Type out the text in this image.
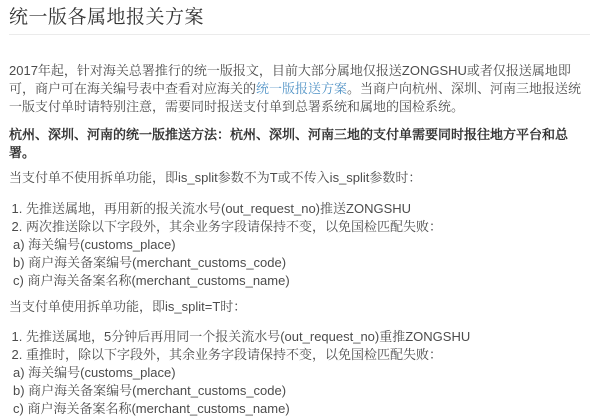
统一版各属地报关方案

2017年起，针对海关总署推行的统一版报文，目前大部分属地仅报送ZONGSHU或者仅报送属地即可，商户可在海关编号表中查看对应海关的统一版报送方案。当商户向杭州、深圳、河南三地报送统一版支付单时请特别注意，需要同时报送支付单到总署系统和属地的国检系统。

杭州、深圳、河南的统一版推送方法：杭州、深圳、河南三地的支付单需要同时报往地方平台和总署。

当支付单不使用拆单功能，即is_split参数不为T或不传入is_split参数时：

1. 先推送属地，再用新的报关流水号(out_request_no)推送ZONGSHU
2. 两次推送除以下字段外，其余业务字段请保持不变，以免国检匹配失败：
a) 海关编号(customs_place)
b) 商户海关备案编号(merchant_customs_code)
c) 商户海关备案名称(merchant_customs_name)

当支付单使用拆单功能，即is_split=T时：

1. 先推送属地，5分钟后再用同一个报关流水号(out_request_no)重推ZONGSHU
2. 重推时，除以下字段外，其余业务字段请保持不变，以免国检匹配失败：
a) 海关编号(customs_place)
b) 商户海关备案编号(merchant_customs_code)
c) 商户海关备案名称(merchant_customs_name)
